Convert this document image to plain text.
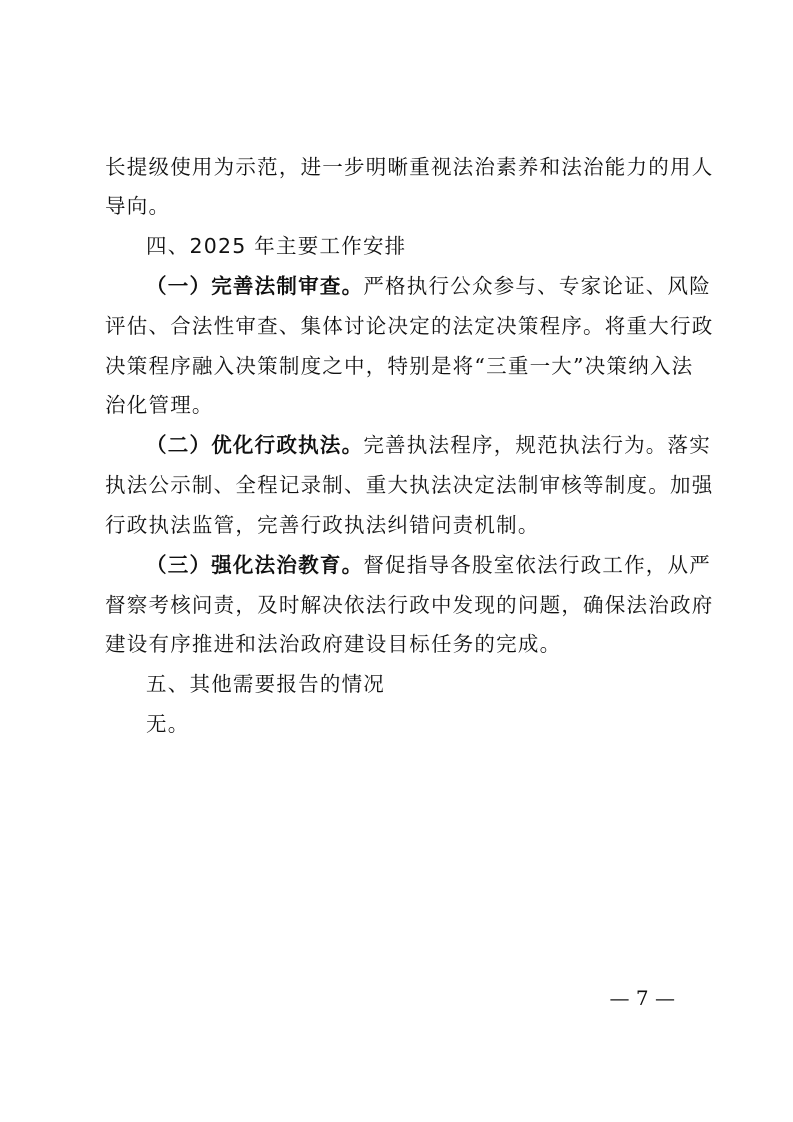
长提级使用为示范，进一步明晰重视法治素养和法治能力的用人
导向。
四、2025 年主要工作安排
（一）完善法制审查。严格执行公众参与、专家论证、风险
评估、合法性审查、集体讨论决定的法定决策程序。将重大行政
决策程序融入决策制度之中，特别是将“三重一大”决策纳入法
治化管理。
（二）优化行政执法。完善执法程序，规范执法行为。落实
执法公示制、全程记录制、重大执法决定法制审核等制度。加强
行政执法监管，完善行政执法纠错问责机制。
（三）强化法治教育。督促指导各股室依法行政工作，从严
督察考核问责，及时解决依法行政中发现的问题，确保法治政府
建设有序推进和法治政府建设目标任务的完成。
五、其他需要报告的情况
无。
— 7 —
